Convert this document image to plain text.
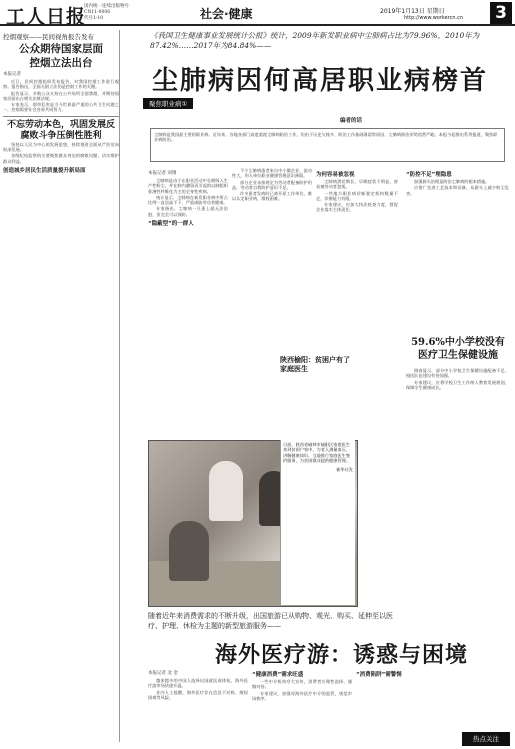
工人日报
国内统一连续出版物号
CN11-0006
代号1-10	社会·健康	2019年1月13日 星期日
http://www.workercn.cn 3
控烟观察——民间视角报告发布
公众期待国家层面
控烟立法出台
本报记者

近日，民间控烟组织发布报告，对我国控烟工作进行观察。报告指出，全面无烟立法仍是控烟工作的关键。

报告显示，多数公众支持在公共场所全面禁烟，并期待国家层面出台相关法律法规。

专家表示，烟草危害是当今世界最严重的公共卫生问题之一，控烟需要社会各界共同努力。

不忘劳动本色，巩固发展反腐败斗争压倒性胜利

坚持以人民为中心的发展思想，持续推进全面从严治党向纵深发展。

各级纪检监察机关要聚焦群众身边的腐败问题，切实维护群众利益。

创造城乡居民生活质量提升新局面
《我国卫生健康事业发展统计公报》统计，2009年新发职业病中尘肺病占比为79.96%，2010年为87.42%……2017年为84.84%——
尘肺病因何高居职业病榜首
聚焦职业病①
编者的话
尘肺病是我国最主要的职业病。近年来，各地各部门高度重视尘肺病防治工作，但由于历史欠账多、防治工作基础薄弱等原因，尘肺病防治形势依然严峻。本报今起推出系列报道，聚焦职业病防治。
本报记者 刘翔

尘肺病是由于在职业活动中长期吸入生产性粉尘，并在肺内潴留而引起的以肺组织弥漫性纤维化为主的全身性疾病。

统计显示，尘肺病在新发职业病中所占比例一直居高不下，严重威胁劳动者健康。

专家指出，尘肺病一旦患上就无法治愈，但完全可以预防。

“隐蔽型”的一群人

不少尘肺病患者来自中小微企业，流动性大，用人单位职业健康管理意识薄弱。

部分企业未按规定为劳动者配备防护用品，劳动者自我防护意识不足。

许多患者发病时已离开原工作单位，难以认定职业病，维权困难。

为何容易被忽视

尘肺病潜伏期长，早期症状不明显，容易被劳动者忽视。

一些地方职业病诊断鉴定机构数量不足，诊断能力有限。

专家建议，应加大执法检查力度，督促企业落实主体责任。

“防控不足”埋隐患

加强源头治理是防治尘肺病的根本措施。

应推广先进工艺技术和设备，从源头上减少粉尘危害。

59.6%中小学校没有医疗卫生保健设施

调查显示，部分中小学校卫生保健设施配备不足，校医队伍建设有待加强。

专家建议，应将学校卫生工作纳入教育发展规划，保障学生健康成长。

陕西榆阳：贫困户有了家庭医生
日前，陕西省榆林市榆阳区家庭医生来到贫困户家中，为老人测量血压、讲解健康知识。当地推行家庭医生签约服务，为贫困群众提供健康管理。
新华社发
随着近年来消费需求的不断升级，出国旅游已从购物、观光、购买、延伸至以医疗、护理、休检为主题的新型旅游服务——
海外医疗游：诱惑与困境
本报记者 北 金

越来越多的中国人选择出国就医或体检，海外医疗游市场快速升温。

业内人士提醒，海外医疗存在信息不对称、维权困难等风险。

“健康消费”需求旺盛

一些中介机构夸大宣传，消费者应理性选择，谨慎对待。

专家建议，加强对海外医疗中介的监管，规范市场秩序。

“消费陷阱”需警惕
热点关注
